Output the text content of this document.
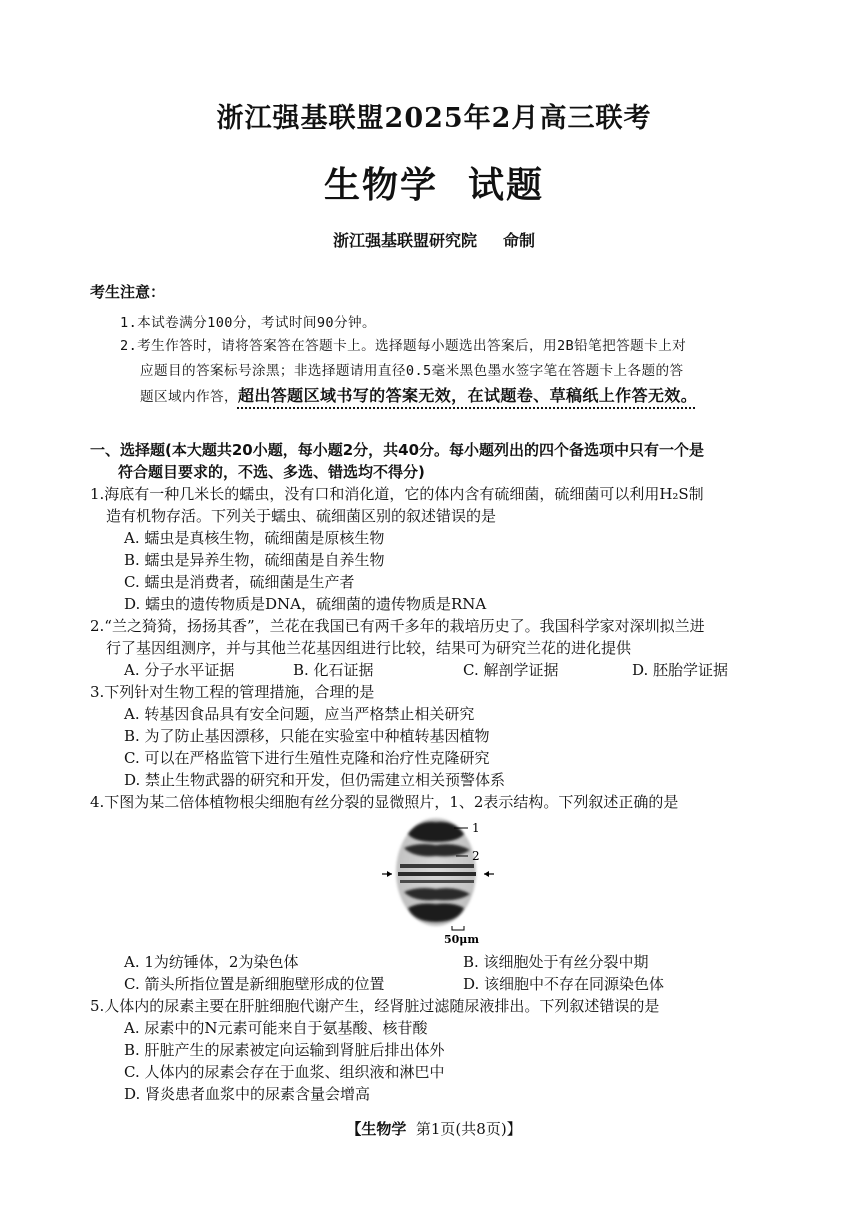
浙江强基联盟2025年2月高三联考
生物学 试题
浙江强基联盟研究院 命制
考生注意：
1.本试卷满分100分，考试时间90分钟。
2.考生作答时，请将答案答在答题卡上。选择题每小题选出答案后，用2B铅笔把答题卡上对
应题目的答案标号涂黑；非选择题请用直径0.5毫米黑色墨水签字笔在答题卡上各题的答
题区域内作答，超出答题区域书写的答案无效，在试题卷、草稿纸上作答无效。
一、选择题(本大题共20小题，每小题2分，共40分。每小题列出的四个备选项中只有一个是
符合题目要求的，不选、多选、错选均不得分)
1.海底有一种几米长的蠕虫，没有口和消化道，它的体内含有硫细菌，硫细菌可以利用H₂S制
造有机物存活。下列关于蠕虫、硫细菌区别的叙述错误的是
A. 蠕虫是真核生物，硫细菌是原核生物
B. 蠕虫是异养生物，硫细菌是自养生物
C. 蠕虫是消费者，硫细菌是生产者
D. 蠕虫的遗传物质是DNA，硫细菌的遗传物质是RNA
2.“兰之猗猗，扬扬其香”，兰花在我国已有两千多年的栽培历史了。我国科学家对深圳拟兰进
行了基因组测序，并与其他兰花基因组进行比较，结果可为研究兰花的进化提供
A. 分子水平证据	B. 化石证据	C. 解剖学证据	D. 胚胎学证据
3.下列针对生物工程的管理措施，合理的是
A. 转基因食品具有安全问题，应当严格禁止相关研究
B. 为了防止基因漂移，只能在实验室中种植转基因植物
C. 可以在严格监管下进行生殖性克隆和治疗性克隆研究
D. 禁止生物武器的研究和开发，但仍需建立相关预警体系
4.下图为某二倍体植物根尖细胞有丝分裂的显微照片，1、2表示结构。下列叙述正确的是
1
2
50μm
A. 1为纺锤体，2为染色体	B. 该细胞处于有丝分裂中期
C. 箭头所指位置是新细胞壁形成的位置	D. 该细胞中不存在同源染色体
5.人体内的尿素主要在肝脏细胞代谢产生，经肾脏过滤随尿液排出。下列叙述错误的是
A. 尿素中的N元素可能来自于氨基酸、核苷酸
B. 肝脏产生的尿素被定向运输到肾脏后排出体外
C. 人体内的尿素会存在于血浆、组织液和淋巴中
D. 肾炎患者血浆中的尿素含量会增高
【生物学 第1页(共8页)】
